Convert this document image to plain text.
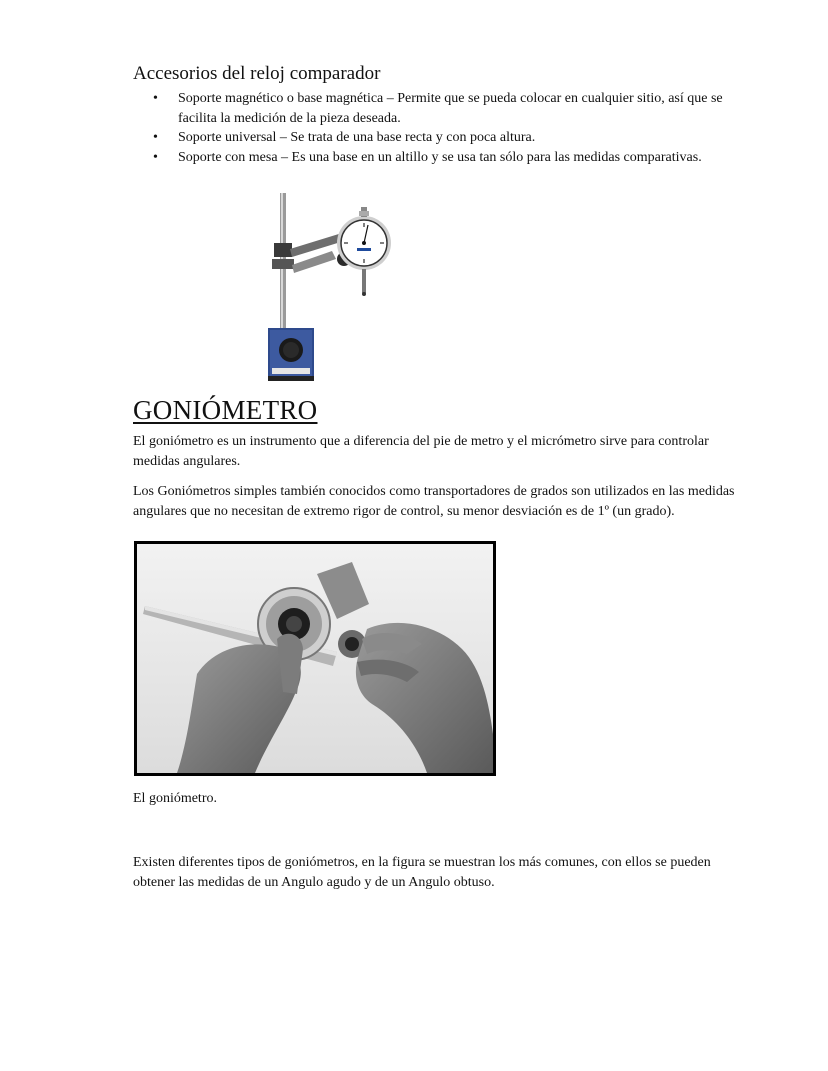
Accesorios del reloj comparador
• Soporte magnético o base magnética – Permite que se pueda colocar en cualquier sitio, así que se facilita la medición de la pieza deseada.
• Soporte universal – Se trata de una base recta y con poca altura.
• Soporte con mesa – Es una base en un altillo y se usa tan sólo para las medidas comparativas.
GONIÓMETRO

El goniómetro es un instrumento que a diferencia del pie de metro y el micrómetro sirve para controlar medidas angulares.

Los Goniómetros simples también conocidos como transportadores de grados son utilizados en las medidas angulares que no necesitan de extremo rigor de control, su menor desviación es de 1º (un grado).

El goniómetro.

Existen diferentes tipos de goniómetros, en la figura se muestran los más comunes, con ellos se pueden obtener las medidas de un Angulo agudo y de un Angulo obtuso.
